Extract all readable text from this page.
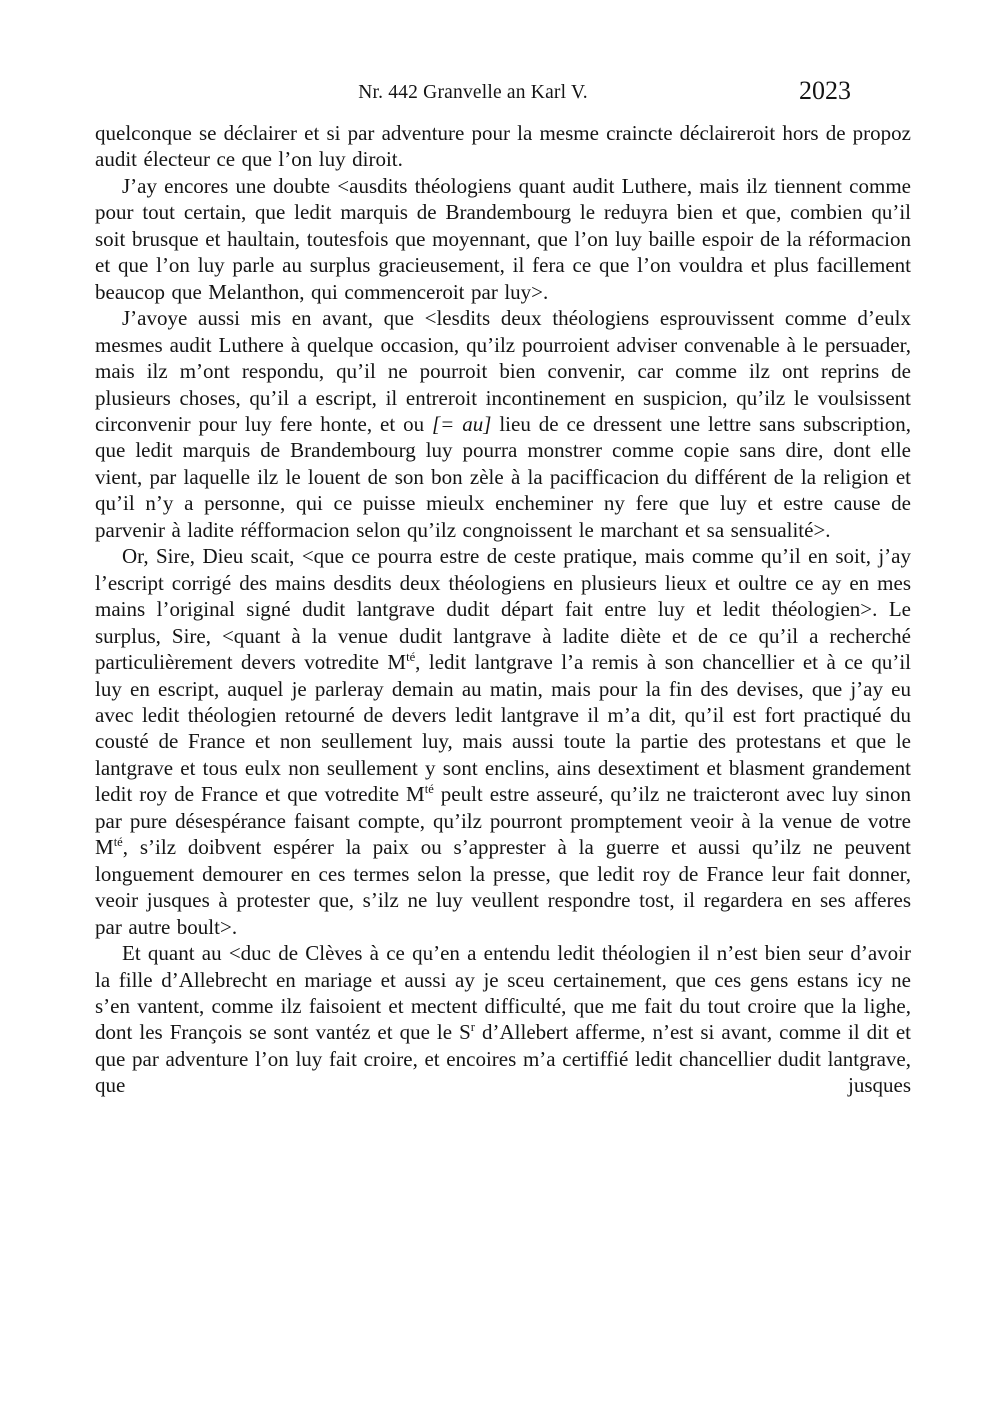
Nr. 442 Granvelle an Karl V.	2023

quelconque se déclairer et si par adventure pour la mesme craincte déclaireroit hors de propoz audit électeur ce que l’on luy diroit.

J’ay encores une doubte <ausdits théologiens quant audit Luthere, mais ilz tiennent comme pour tout certain, que ledit marquis de Brandembourg le reduyra bien et que, combien qu’il soit brusque et haultain, toutesfois que moyennant, que l’on luy baille espoir de la réformacion et que l’on luy parle au surplus gracieusement, il fera ce que l’on vouldra et plus facillement beaucop que Melanthon, qui commenceroit par luy>.

J’avoye aussi mis en avant, que <lesdits deux théologiens esprouvissent comme d’eulx mesmes audit Luthere à quelque occasion, qu’ilz pourroient adviser convenable à le persuader, mais ilz m’ont respondu, qu’il ne pourroit bien convenir, car comme ilz ont reprins de plusieurs choses, qu’il a escript, il entreroit incontinement en suspicion, qu’ilz le voulsissent circonvenir pour luy fere honte, et ou [= au] lieu de ce dressent une lettre sans subscription, que ledit marquis de Brandembourg luy pourra monstrer comme copie sans dire, dont elle vient, par laquelle ilz le louent de son bon zèle à la pacifficacion du différent de la religion et qu’il n’y a personne, qui ce puisse mieulx encheminer ny fere que luy et estre cause de parvenir à ladite réfformacion selon qu’ilz congnoissent le marchant et sa sensualité>.

Or, Sire, Dieu scait, <que ce pourra estre de ceste pratique, mais comme qu’il en soit, j’ay l’escript corrigé des mains desdits deux théologiens en plusieurs lieux et oultre ce ay en mes mains l’original signé dudit lantgrave dudit départ fait entre luy et ledit théologien>. Le surplus, Sire, <quant à la venue dudit lantgrave à ladite diète et de ce qu’il a recherché particulièrement devers votredite $M^{té}$, ledit lantgrave l’a remis à son chancellier et à ce qu’il luy en escript, auquel je parleray demain au matin, mais pour la fin des devises, que j’ay eu avec ledit théologien retourné de devers ledit lantgrave il m’a dit, qu’il est fort practiqué du cousté de France et non seullement luy, mais aussi toute la partie des protestans et que le lantgrave et tous eulx non seullement y sont enclins, ains desextiment et blasment grandement ledit roy de France et que votredite $M^{té}$ peult estre asseuré, qu’ilz ne traicteront avec luy sinon par pure désespérance faisant compte, qu’ilz pourront promptement veoir à la venue de votre $M^{té}$, s’ilz doibvent espérer la paix ou s’apprester à la guerre et aussi qu’ilz ne peuvent longuement demourer en ces termes selon la presse, que ledit roy de France leur fait donner, veoir jusques à protester que, s’ilz ne luy veullent respondre tost, il regardera en ses afferes par autre boult>.

Et quant au <duc de Clèves à ce qu’en a entendu ledit théologien il n’est bien seur d’avoir la fille d’Allebrecht en mariage et aussi ay je sceu certainement, que ces gens estans icy ne s’en vantent, comme ilz faisoient et mectent difficulté, que me fait du tout croire que la lighe, dont les François se sont vantéz et que le $S^r$ d’Allebert afferme, n’est si avant, comme il dit et que par adventure l’on luy fait croire, et encoires m’a certiffié ledit chancellier dudit lantgrave, que jusques
